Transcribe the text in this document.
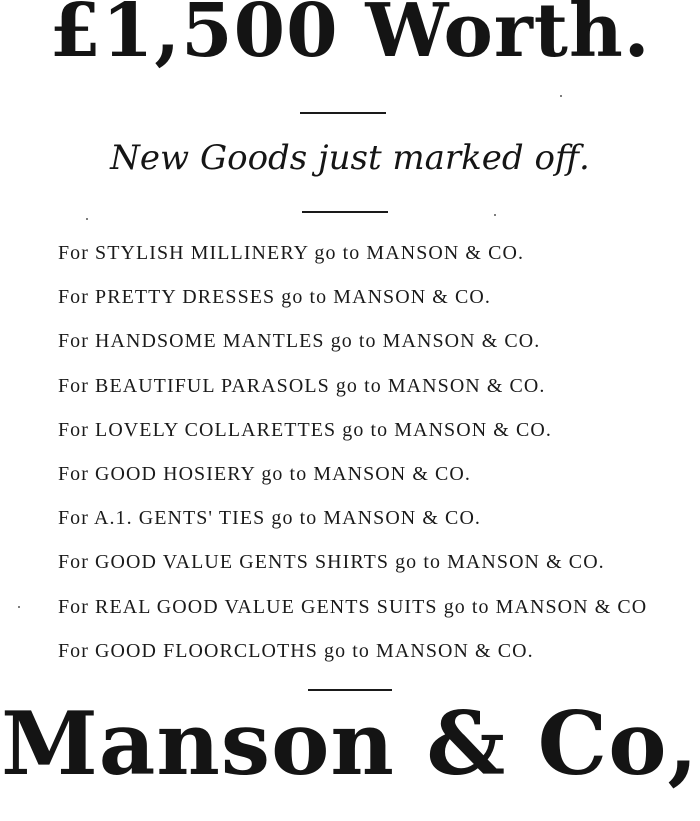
£1,500 Worth.
New Goods just marked off.
For STYLISH MILLINERY go to MANSON & CO.
For PRETTY DRESSES go to MANSON & CO.
For HANDSOME MANTLES go to MANSON & CO.
For BEAUTIFUL PARASOLS go to MANSON & CO.
For LOVELY COLLARETTES go to MANSON & CO.
For GOOD HOSIERY go to MANSON & CO.
For A.1. GENTS' TIES go to MANSON & CO.
For GOOD VALUE GENTS SHIRTS go to MANSON & CO.
For REAL GOOD VALUE GENTS SUITS go to MANSON & CO
For GOOD FLOORCLOTHS go to MANSON & CO.
Manson & Co,
